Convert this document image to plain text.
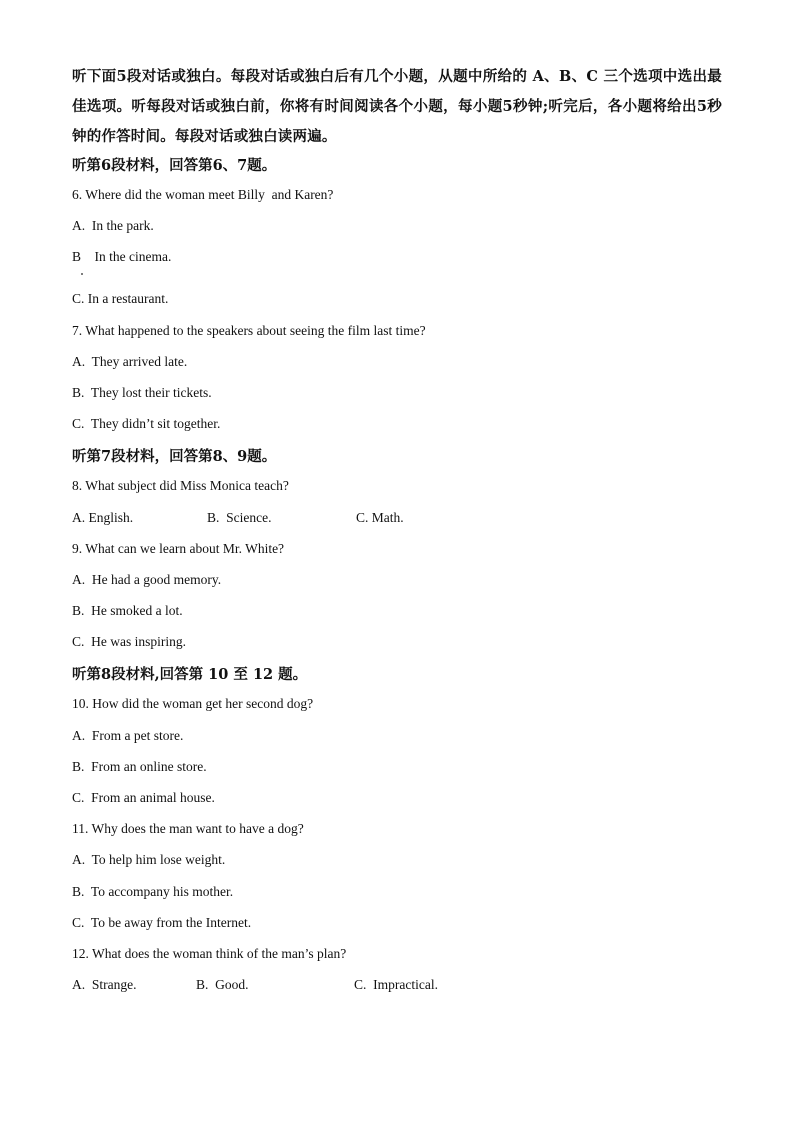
听下面5段对话或独白。每段对话或独白后有几个小题，从题中所给的 A、B、C 三个选项中选出最佳选项。听每段对话或独白前，你将有时间阅读各个小题，每小题5秒钟;听完后，各小题将给出5秒钟的作答时间。每段对话或独白读两遍。

听第6段材料，回答第6、7题。

6. Where did the woman meet Billy  and Karen?

A.  In the park.

B    In the cinema.

C. In a restaurant.

7. What happened to the speakers about seeing the film last time?

A.  They arrived late.

B.  They lost their tickets.

C.  They didn’t sit together.

听第7段材料，回答第8、9题。

8. What subject did Miss Monica teach?

A. English.	B.  Science.	C. Math.

9. What can we learn about Mr. White?

A.  He had a good memory.

B.  He smoked a lot.

C.  He was inspiring.

听第8段材料,回答第 10 至 12 题。

10. How did the woman get her second dog?

A.  From a pet store.

B.  From an online store.

C.  From an animal house.

11. Why does the man want to have a dog?

A.  To help him lose weight.

B.  To accompany his mother.

C.  To be away from the Internet.

12. What does the woman think of the man’s plan?

A.  Strange.	B.  Good.	C.  Impractical.
